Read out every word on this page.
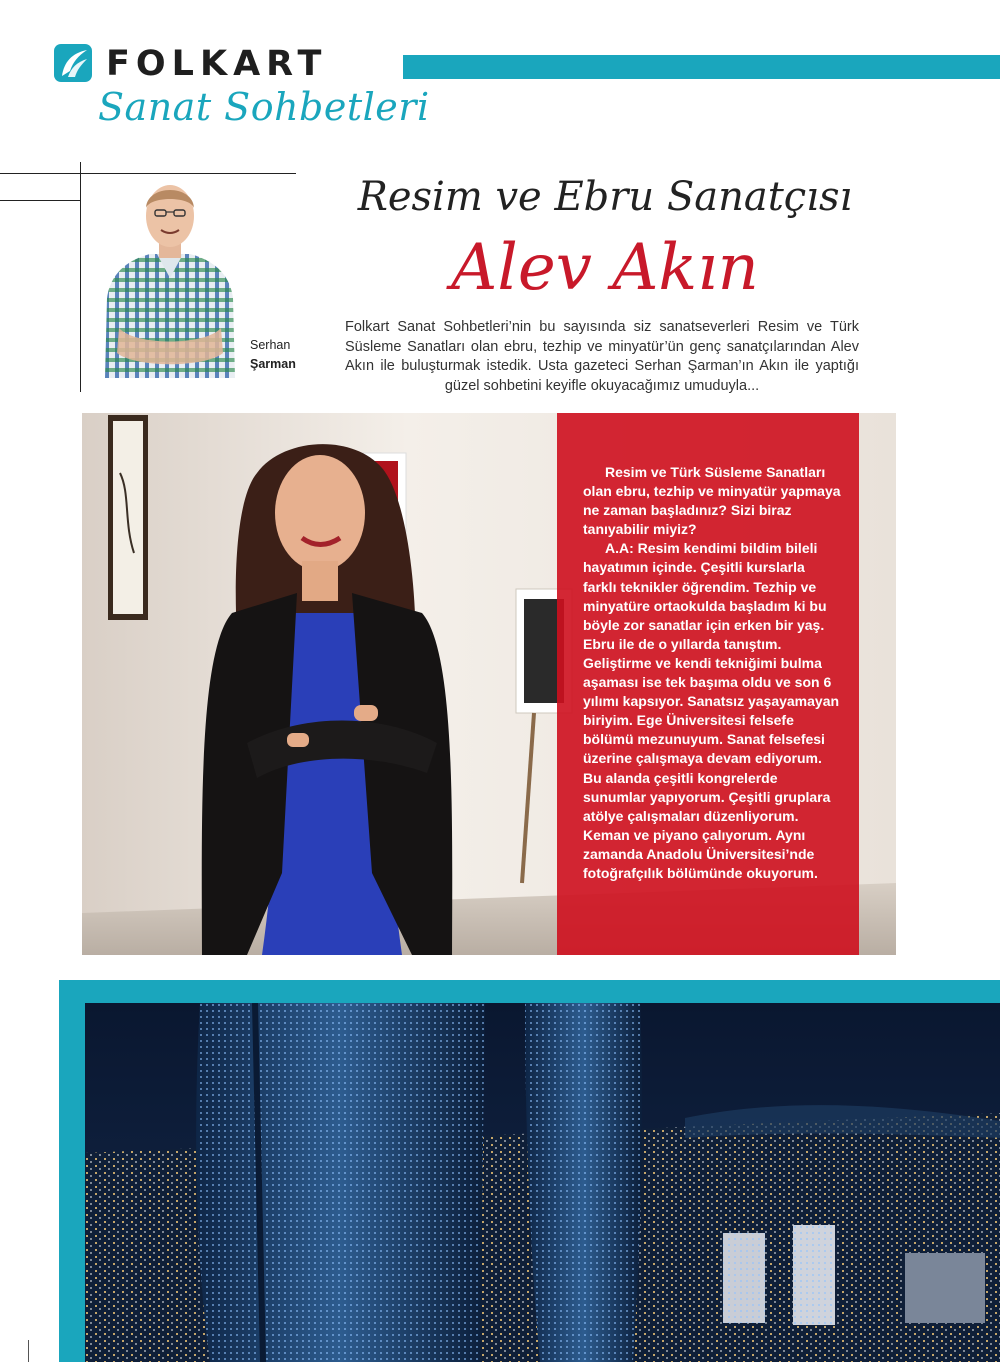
FOLKART
Sanat Sohbetleri
Serhan
Şarman
Resim ve Ebru Sanatçısı
Alev Akın

Folkart Sanat Sohbetleri’nin bu sayısında siz sanatseverleri Resim ve Türk Süsleme Sanatları olan ebru, tezhip ve minyatür’ün genç sanatçılarından Alev Akın ile buluşturmak istedik. Usta gazeteci Serhan Şarman’ın Akın ile yaptığı güzel sohbetini keyifle okuyacağımız umuduyla...

Resim ve Türk Süsleme Sanatları olan ebru, tezhip ve minyatür yapmaya ne zaman başladınız? Sizi biraz tanıyabilir miyiz?

A.A: Resim kendimi bildim bileli hayatımın içinde. Çeşitli kurslarla farklı teknikler öğrendim. Tezhip ve minyatüre ortaokulda başladım ki bu böyle zor sanatlar için erken bir yaş. Ebru ile de o yıllarda tanıştım. Geliştirme ve kendi tekniğimi bulma aşaması ise tek başıma oldu ve son 6 yılımı kapsıyor. Sanatsız yaşayamayan biriyim. Ege Üniversitesi felsefe bölümü mezunuyum. Sanat felsefesi üzerine çalışmaya devam ediyorum. Bu alanda çeşitli kongrelerde sunumlar yapıyorum. Çeşitli gruplara atölye çalışmaları düzenliyorum. Keman ve piyano çalıyorum. Aynı zamanda Anadolu Üniversitesi’nde fotoğrafçılık bölümünde okuyorum.
